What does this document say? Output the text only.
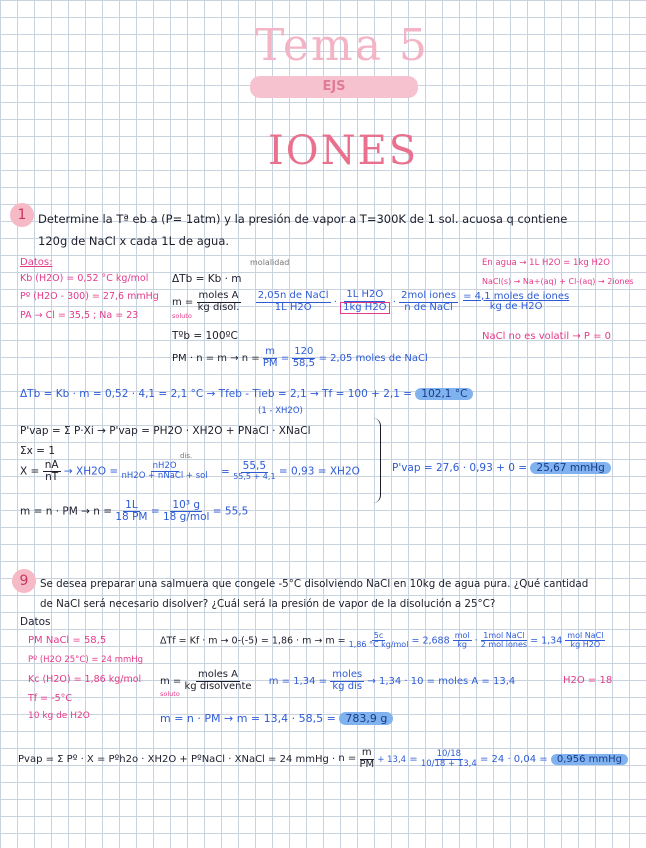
Tema 5
EJS
IONES
1	Determine la Tª eb a (P= 1atm) y la presión de vapor a T=300K de 1 sol. acuosa q contiene
120g de NaCl x cada 1L de agua.
Datos:
Kb (H2O) = 0,52 °C kg/mol
Pº (H2O - 300) = 27,6 mmHg
PA → Cl = 35,5 ; Na = 23
molalidad
ΔTb = Kb · m
$m = \frac{\text{moles A}}{\text{kg disol.}}$
$\frac{\text{2,05n de NaCl}}{\text{1L H2O}} \cdot \frac{\text{1L H2O}}{\text{1kg H2O}} \cdot \frac{\text{2mol iones}}{\text{n de NaCl}}$
$\frac{\text{= 4,1 moles de iones}}{\text{kg de H2O}}$
soluto
Tºb = 100ºC
PM · $n = m \to n = \frac{m}{PM} = \frac{120}{58,5} = 2,05$ moles de NaCl
En agua → 1L H2O = 1kg H2O
NaCl(s) → Na+(aq) + Cl-(aq) → 2iones
NaCl no es volatil → P = 0
ΔTb = Kb · m = 0,52 · 4,1 = 2,1 °C → Tfeb - Tieb = 2,1 → Tf = 100 + 2,1 = 102,1 °C
(1 - XH2O)
P'vap = Σ P·Xi → P'vap = PH2O · XH2O + PNaCl · XNaCl
Σx = 1
$X = \frac{nA}{nT} \to XH2O = \frac{nH2O}{\text{nH2O + nNaCl + sol}} = \frac{55,5}{55,5 + 4,1} = 0,93 = XH2O$
dis.
P'vap = 27,6 · 0,93 + 0 = 25,67 mmHg
m = n · PM → $n = \frac{1L}{18 PM} = \frac{\text{10³ g}}{\text{18 g/mol}} = 55,5$
9	Se desea preparar una salmuera que congele -5°C disolviendo NaCl en 10kg de agua pura. ¿Qué cantidad
de NaCl será necesario disolver? ¿Cuál será la presión de vapor de la disolución a 25°C?
Datos
PM NaCl = 58,5
Pº (H2O 25°C) = 24 mmHg
Kc (H2O) = 1,86 kg/mol
Tf = -5°C
10 kg de H2O
$\Delta Tf = Kf \cdot m \to 0-(-5) = 1,86 \cdot m \to m = \frac{5c}{\text{1,86 °C kg/mol}} = 2,688 \frac{\text{mol}}{kg} \cdot \frac{\text{1mol NaCl}}{\text{2 mol iones}} = 1,34 \frac{\text{mol NaCl}}{\text{kg H2O}}$
$m = \frac{\text{moles A}}{\text{kg disolvente}}$ $m = 1,34 = \frac{\text{moles}}{\text{kg dis}} \to 1,34 \cdot 10$ = moles A = 13,4
soluto
H2O = 18
m = n · PM → m = 13,4 · 58,5 = 783,9 g
Pvap = Σ Pº · X = Pºh2o · XH2O + PºNaCl · XNaCl = 24 mmHg · n =
$\frac{m}{PM} + 13,4 = \frac{10/18}{10/18 + 13,4} = 24 \cdot 0,04 = 0,956$ mmHg
